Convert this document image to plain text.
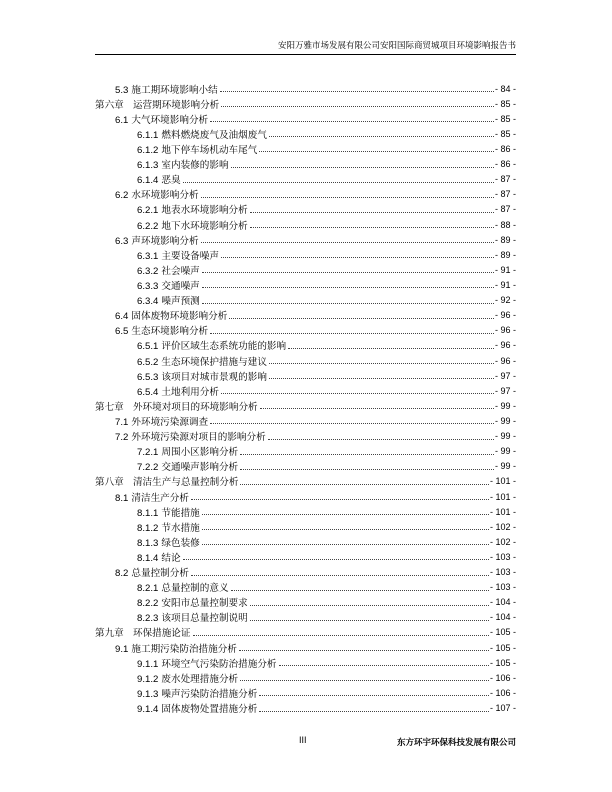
安阳万雅市场发展有限公司安阳国际商贸城项目环境影响报告书
5.3 施工期环境影响小结	- 84 -
第六章 运营期环境影响分析	- 85 -
6.1 大气环境影响分析	- 85 -
6.1.1 燃料燃烧废气及油烟废气	- 85 -
6.1.2 地下停车场机动车尾气	- 86 -
6.1.3 室内装修的影响	- 86 -
6.1.4 恶臭	- 87 -
6.2 水环境影响分析	- 87 -
6.2.1 地表水环境影响分析	- 87 -
6.2.2 地下水环境影响分析	- 88 -
6.3 声环境影响分析	- 89 -
6.3.1 主要设备噪声	- 89 -
6.3.2 社会噪声	- 91 -
6.3.3 交通噪声	- 91 -
6.3.4 噪声预测	- 92 -
6.4 固体废物环境影响分析	- 96 -
6.5 生态环境影响分析	- 96 -
6.5.1 评价区域生态系统功能的影响	- 96 -
6.5.2 生态环境保护措施与建议	- 96 -
6.5.3 该项目对城市景观的影响	- 97 -
6.5.4 土地利用分析	- 97 -
第七章 外环境对项目的环境影响分析	- 99 -
7.1 外环境污染源调查	- 99 -
7.2 外环境污染源对项目的影响分析	- 99 -
7.2.1 周围小区影响分析	- 99 -
7.2.2 交通噪声影响分析	- 99 -
第八章 清洁生产与总量控制分析	- 101 -
8.1 清洁生产分析	- 101 -
8.1.1 节能措施	- 101 -
8.1.2 节水措施	- 102 -
8.1.3 绿色装修	- 102 -
8.1.4 结论	- 103 -
8.2 总量控制分析	- 103 -
8.2.1 总量控制的意义	- 103 -
8.2.2 安阳市总量控制要求	- 104 -
8.2.3 该项目总量控制说明	- 104 -
第九章 环保措施论证	- 105 -
9.1 施工期污染防治措施分析	- 105 -
9.1.1 环境空气污染防治措施分析	- 105 -
9.1.2 废水处理措施分析	- 106 -
9.1.3 噪声污染防治措施分析	- 106 -
9.1.4 固体废物处置措施分析	- 107 -
III	东方环宇环保科技发展有限公司
